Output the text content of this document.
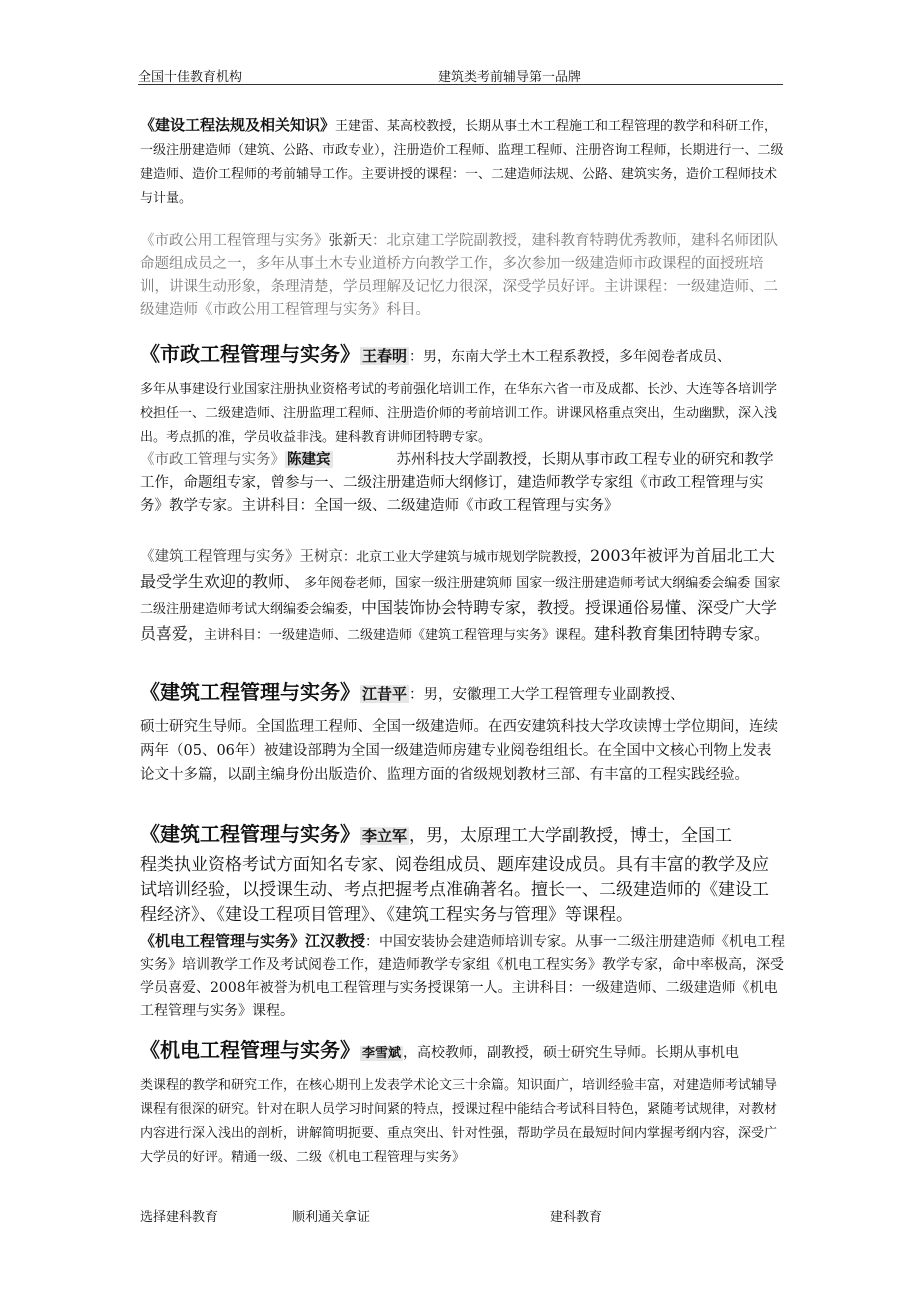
全国十佳教育机构	建筑类考前辅导第一品牌

《建设工程法规及相关知识》王建雷、某高校教授，长期从事土木工程施工和工程管理的教学和科研工作，一级注册建造师（建筑、公路、市政专业），注册造价工程师、监理工程师、注册咨询工程师，长期进行一、二级建造师、造价工程师的考前辅导工作。主要讲授的课程：一、二建造师法规、公路、建筑实务，造价工程师技术与计量。

《市政公用工程管理与实务》张新天：北京建工学院副教授，建科教育特聘优秀教师，建科名师团队命题组成员之一，多年从事土木专业道桥方向教学工作，多次参加一级建造师市政课程的面授班培训，讲课生动形象，条理清楚，学员理解及记忆力很深，深受学员好评。主讲课程：一级建造师、二级建造师《市政公用工程管理与实务》科目。

《市政工程管理与实务》 王春明 ：男，东南大学土木工程系教授，多年阅卷者成员、

多年从事建设行业国家注册执业资格考试的考前强化培训工作，在华东六省一市及成都、长沙、大连等各培训学校担任一、二级建造师、注册监理工程师、注册造价师的考前培训工作。讲课风格重点突出，生动幽默，深入浅出。考点抓的准，学员收益非浅。建科教育讲师团特聘专家。

《市政工管理与实务》 陈建宾	苏州科技大学副教授，长期从事市政工程专业的研究和教学工作，命题组专家，曾参与一、二级注册建造师大纲修订，建造师教学专家组《市政工程管理与实务》教学专家。主讲科目：全国一级、二级建造师《市政工程管理与实务》

《建筑工程管理与实务》王树京：北京工业大学建筑与城市规划学院教授，2003年被评为首届北工大最受学生欢迎的教师、 多年阅卷老师，国家一级注册建筑师 国家一级注册建造师考试大纲编委会编委 国家二级注册建造师考试大纲编委会编委，中国装饰协会特聘专家，教授。授课通俗易懂、深受广大学员喜爱，主讲科目：一级建造师、二级建造师《建筑工程管理与实务》课程。建科教育集团特聘专家。

《建筑工程管理与实务》 江昔平 ：男，安徽理工大学工程管理专业副教授、

硕士研究生导师。全国监理工程师、全国一级建造师。在西安建筑科技大学攻读博士学位期间，连续两年（05、06年）被建设部聘为全国一级建造师房建专业阅卷组组长。在全国中文核心刊物上发表论文十多篇，以副主编身份出版造价、监理方面的省级规划教材三部、有丰富的工程实践经验。

《建筑工程管理与实务》 李立军 ，男，太原理工大学副教授，博士，全国工

程类执业资格考试方面知名专家、阅卷组成员、题库建设成员。具有丰富的教学及应试培训经验，以授课生动、考点把握考点准确著名。擅长一、二级建造师的《建设工程经济》、《建设工程项目管理》、《建筑工程实务与管理》等课程。

《机电工程管理与实务》江汉教授：中国安装协会建造师培训专家。从事一二级注册建造师《机电工程实务》培训教学工作及考试阅卷工作，建造师教学专家组《机电工程实务》教学专家，命中率极高，深受学员喜爱、2008年被誉为机电工程管理与实务授课第一人。主讲科目：一级建造师、二级建造师《机电工程管理与实务》课程。

《机电工程管理与实务》 李雪斌 ，高校教师，副教授，硕士研究生导师。长期从事机电

类课程的教学和研究工作，在核心期刊上发表学术论文三十余篇。知识面广，培训经验丰富，对建造师考试辅导课程有很深的研究。针对在职人员学习时间紧的特点，授课过程中能结合考试科目特色，紧随考试规律，对教材内容进行深入浅出的剖析，讲解简明扼要、重点突出、针对性强，帮助学员在最短时间内掌握考纲内容，深受广大学员的好评。精通一级、二级《机电工程管理与实务》

选择建科教育	顺利通关拿证	建科教育
